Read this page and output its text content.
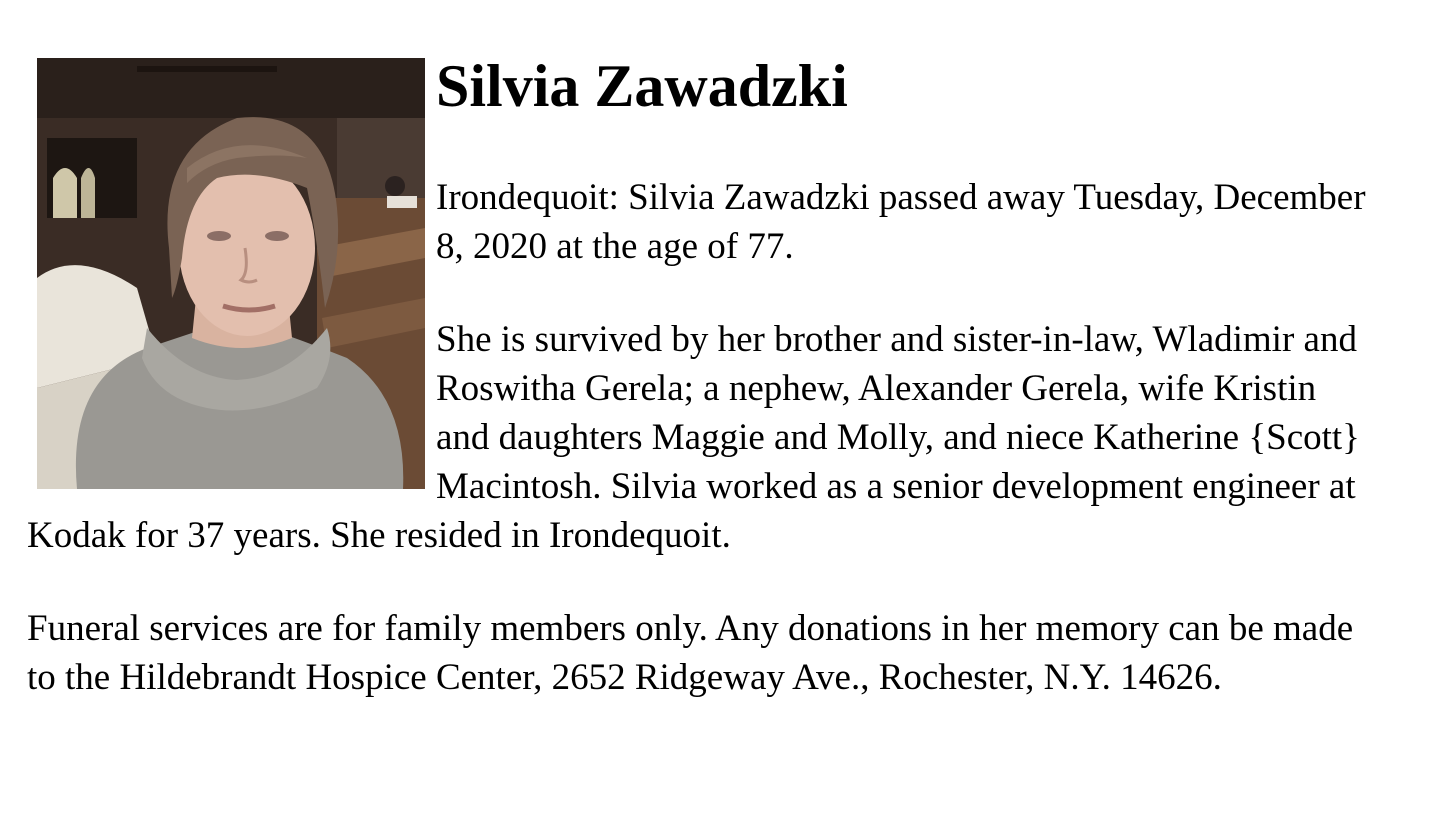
Silvia Zawadzki

Irondequoit: Silvia Zawadzki passed away Tuesday, December 8, 2020 at the age of 77.

She is survived by her brother and sister-in-law, Wladimir and Roswitha Gerela; a nephew, Alexander Gerela, wife Kristin and daughters Maggie and Molly, and niece Katherine {Scott} Macintosh. Silvia worked as a senior development engineer at Kodak for 37 years. She resided in Irondequoit.

Funeral services are for family members only. Any donations in her memory can be made to the Hildebrandt Hospice Center, 2652 Ridgeway Ave., Rochester, N.Y. 14626.
